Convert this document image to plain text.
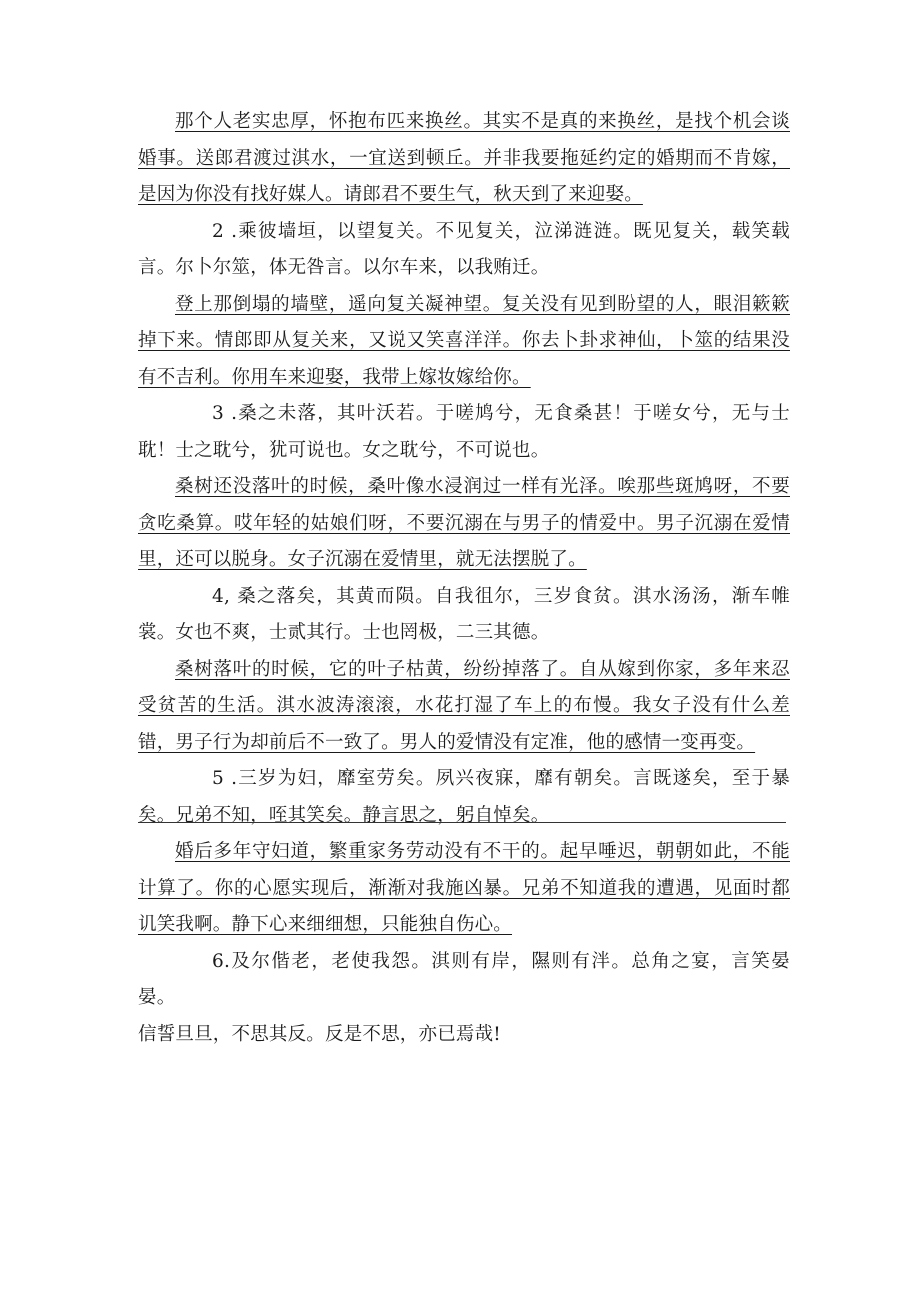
那个人老实忠厚，怀抱布匹来换丝。其实不是真的来换丝，是找个机会谈婚事。送郎君渡过淇水，一宜送到顿丘。并非我要拖延约定的婚期而不肯嫁，是因为你没有找好媒人。请郎君不要生气，秋天到了来迎娶。

2 .乘彼墙垣，以望复关。不见复关，泣涕涟涟。既见复关，载笑载言。尔卜尔筮，体无咎言。以尔车来，以我贿迁。

登上那倒塌的墙壁，遥向复关凝神望。复关没有见到盼望的人，眼泪簌簌掉下来。情郎即从复关来，又说又笑喜洋洋。你去卜卦求神仙，卜筮的结果没有不吉利。你用车来迎娶，我带上嫁妆嫁给你。

3 .桑之未落，其叶沃若。于嗟鸠兮，无食桑甚！于嗟女兮，无与士耽！士之耽兮，犹可说也。女之耽兮，不可说也。

桑树还没落叶的时候，桑叶像水浸润过一样有光泽。唉那些斑鸠呀，不要贪吃桑算。哎年轻的姑娘们呀，不要沉溺在与男子的情爱中。男子沉溺在爱情里，还可以脱身。女子沉溺在爱情里，就无法摆脱了。

4, 桑之落矣，其黄而陨。自我徂尔，三岁食贫。淇水汤汤，渐车帷裳。女也不爽，士贰其行。士也罔极，二三其德。

桑树落叶的时候，它的叶子枯黄，纷纷掉落了。自从嫁到你家，多年来忍受贫苦的生活。淇水波涛滚滚，水花打湿了车上的布慢。我女子没有什么差错，男子行为却前后不一致了。男人的爱情没有定准，他的感情一变再变。

5 .三岁为妇，靡室劳矣。夙兴夜寐，靡有朝矣。言既遂矣，至于暴矣。兄弟不知，咥其笑矣。静言思之，躬自悼矣。

婚后多年守妇道，繁重家务劳动没有不干的。起早唾迟，朝朝如此，不能计算了。你的心愿实现后，渐渐对我施凶暴。兄弟不知道我的遭遇，见面时都讥笑我啊。静下心来细细想，只能独自伤心。

6.及尔偕老，老使我怨。淇则有岸，隰则有泮。总角之宴，言笑晏晏。

信誓旦旦，不思其反。反是不思，亦已焉哉!
